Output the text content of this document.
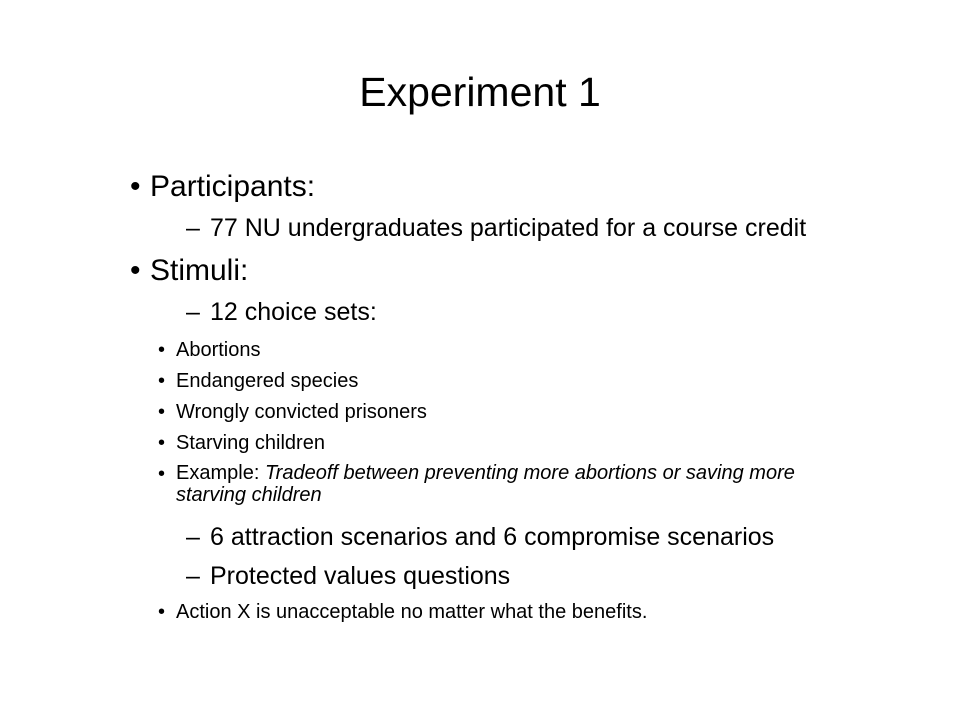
Experiment 1
• Participants:
– 77 NU undergraduates participated for a course credit
• Stimuli:
– 12 choice sets:
• Abortions
• Endangered species
• Wrongly convicted prisoners
• Starving children
• Example: Tradeoff between preventing more abortions or saving more starving children
– 6 attraction scenarios and 6 compromise scenarios
– Protected values questions
• Action X is unacceptable no matter what the benefits.
